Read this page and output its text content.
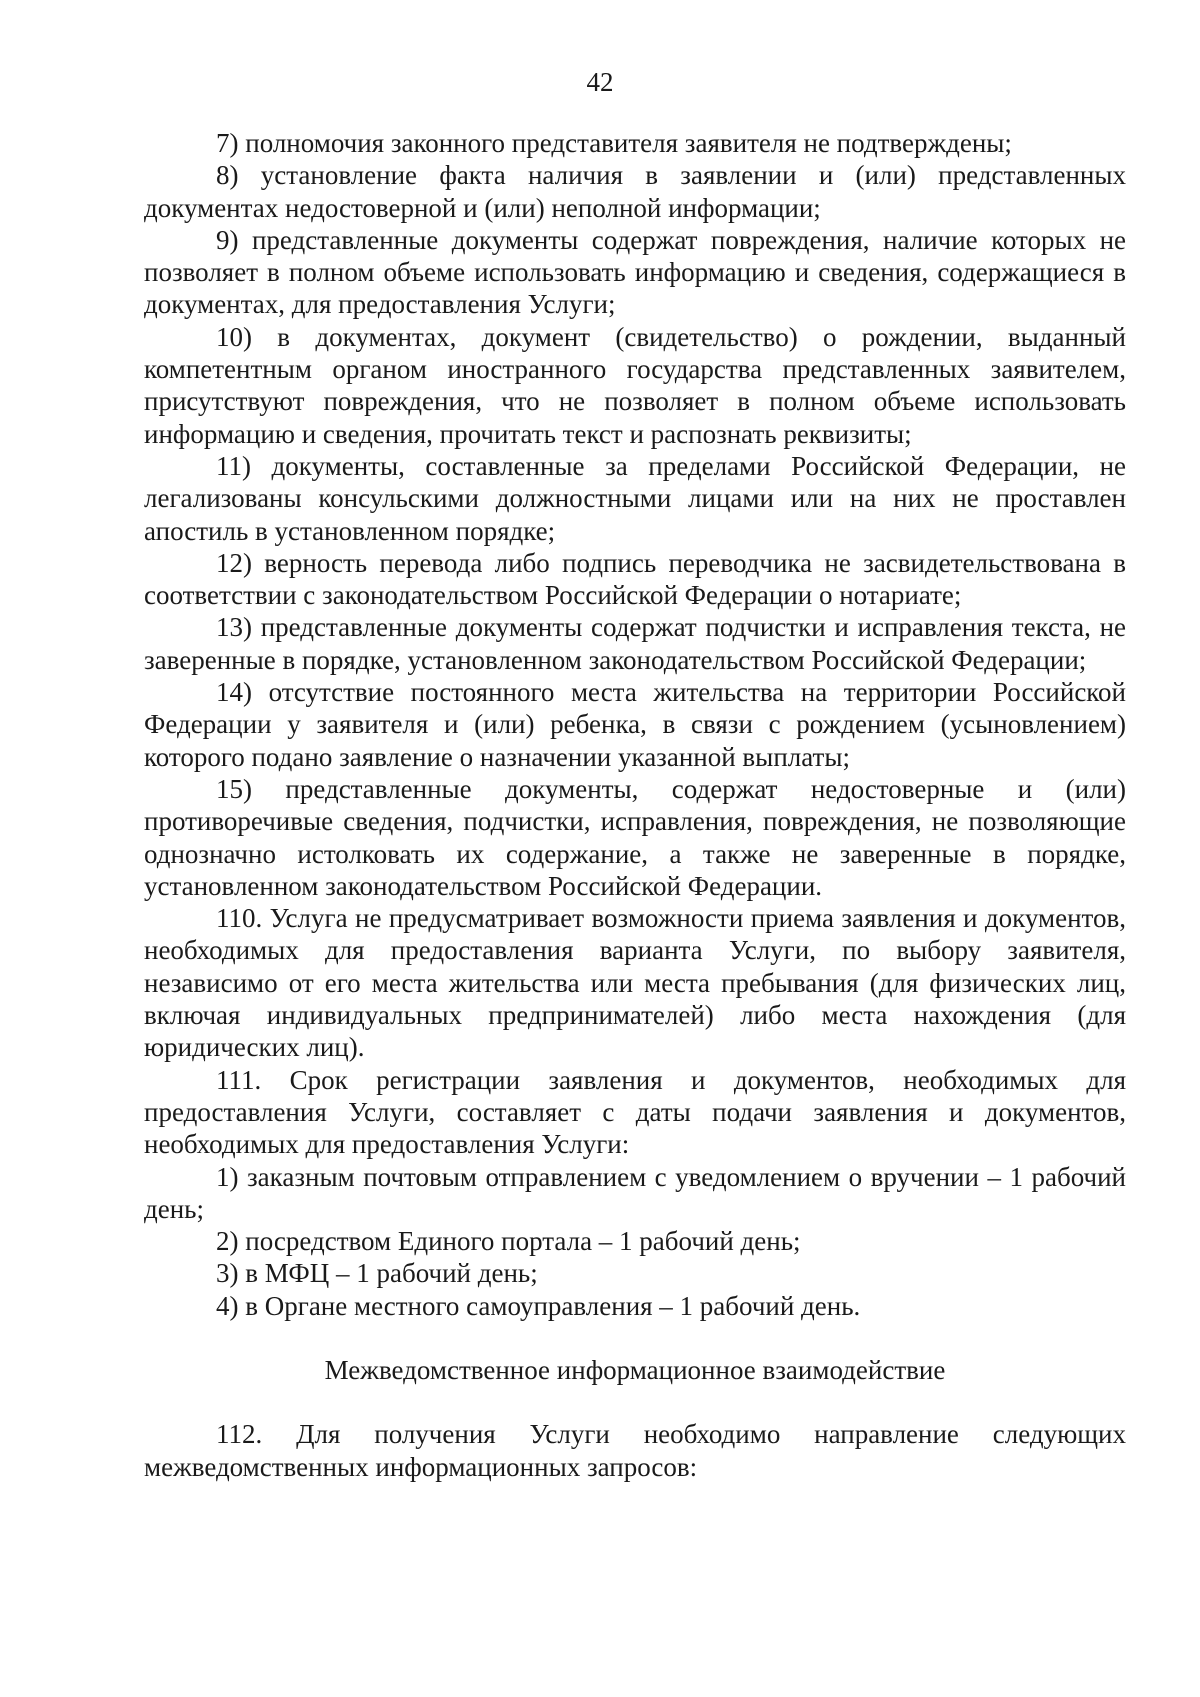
42

7) полномочия законного представителя заявителя не подтверждены;

8) установление факта наличия в заявлении и (или) представленных документах недостоверной и (или) неполной информации;

9) представленные документы содержат повреждения, наличие которых не позволяет в полном объеме использовать информацию и сведения, содержащиеся в документах, для предоставления Услуги;

10) в документах, документ (свидетельство) о рождении, выданный компетентным органом иностранного государства представленных заявителем, присутствуют повреждения, что не позволяет в полном объеме использовать информацию и сведения, прочитать текст и распознать реквизиты;

11) документы, составленные за пределами Российской Федерации, не легализованы консульскими должностными лицами или на них не проставлен апостиль в установленном порядке;

12) верность перевода либо подпись переводчика не засвидетельствована в соответствии с законодательством Российской Федерации о нотариате;

13) представленные документы содержат подчистки и исправления текста, не заверенные в порядке, установленном законодательством Российской Федерации;

14) отсутствие постоянного места жительства на территории Российской Федерации у заявителя и (или) ребенка, в связи с рождением (усыновлением) которого подано заявление о назначении указанной выплаты;

15) представленные документы, содержат недостоверные и (или) противоречивые сведения, подчистки, исправления, повреждения, не позволяющие однозначно истолковать их содержание, а также не заверенные в порядке, установленном законодательством Российской Федерации.

110. Услуга не предусматривает возможности приема заявления и документов, необходимых для предоставления варианта Услуги, по выбору заявителя, независимо от его места жительства или места пребывания (для физических лиц, включая индивидуальных предпринимателей) либо места нахождения (для юридических лиц).

111. Срок регистрации заявления и документов, необходимых для предоставления Услуги, составляет с даты подачи заявления и документов, необходимых для предоставления Услуги:

1) заказным почтовым отправлением с уведомлением о вручении – 1 рабочий день;

2) посредством Единого портала – 1 рабочий день;

3) в МФЦ – 1 рабочий день;

4) в Органе местного самоуправления – 1 рабочий день.

Межведомственное информационное взаимодействие

112. Для получения Услуги необходимо направление следующих межведомственных информационных запросов:
